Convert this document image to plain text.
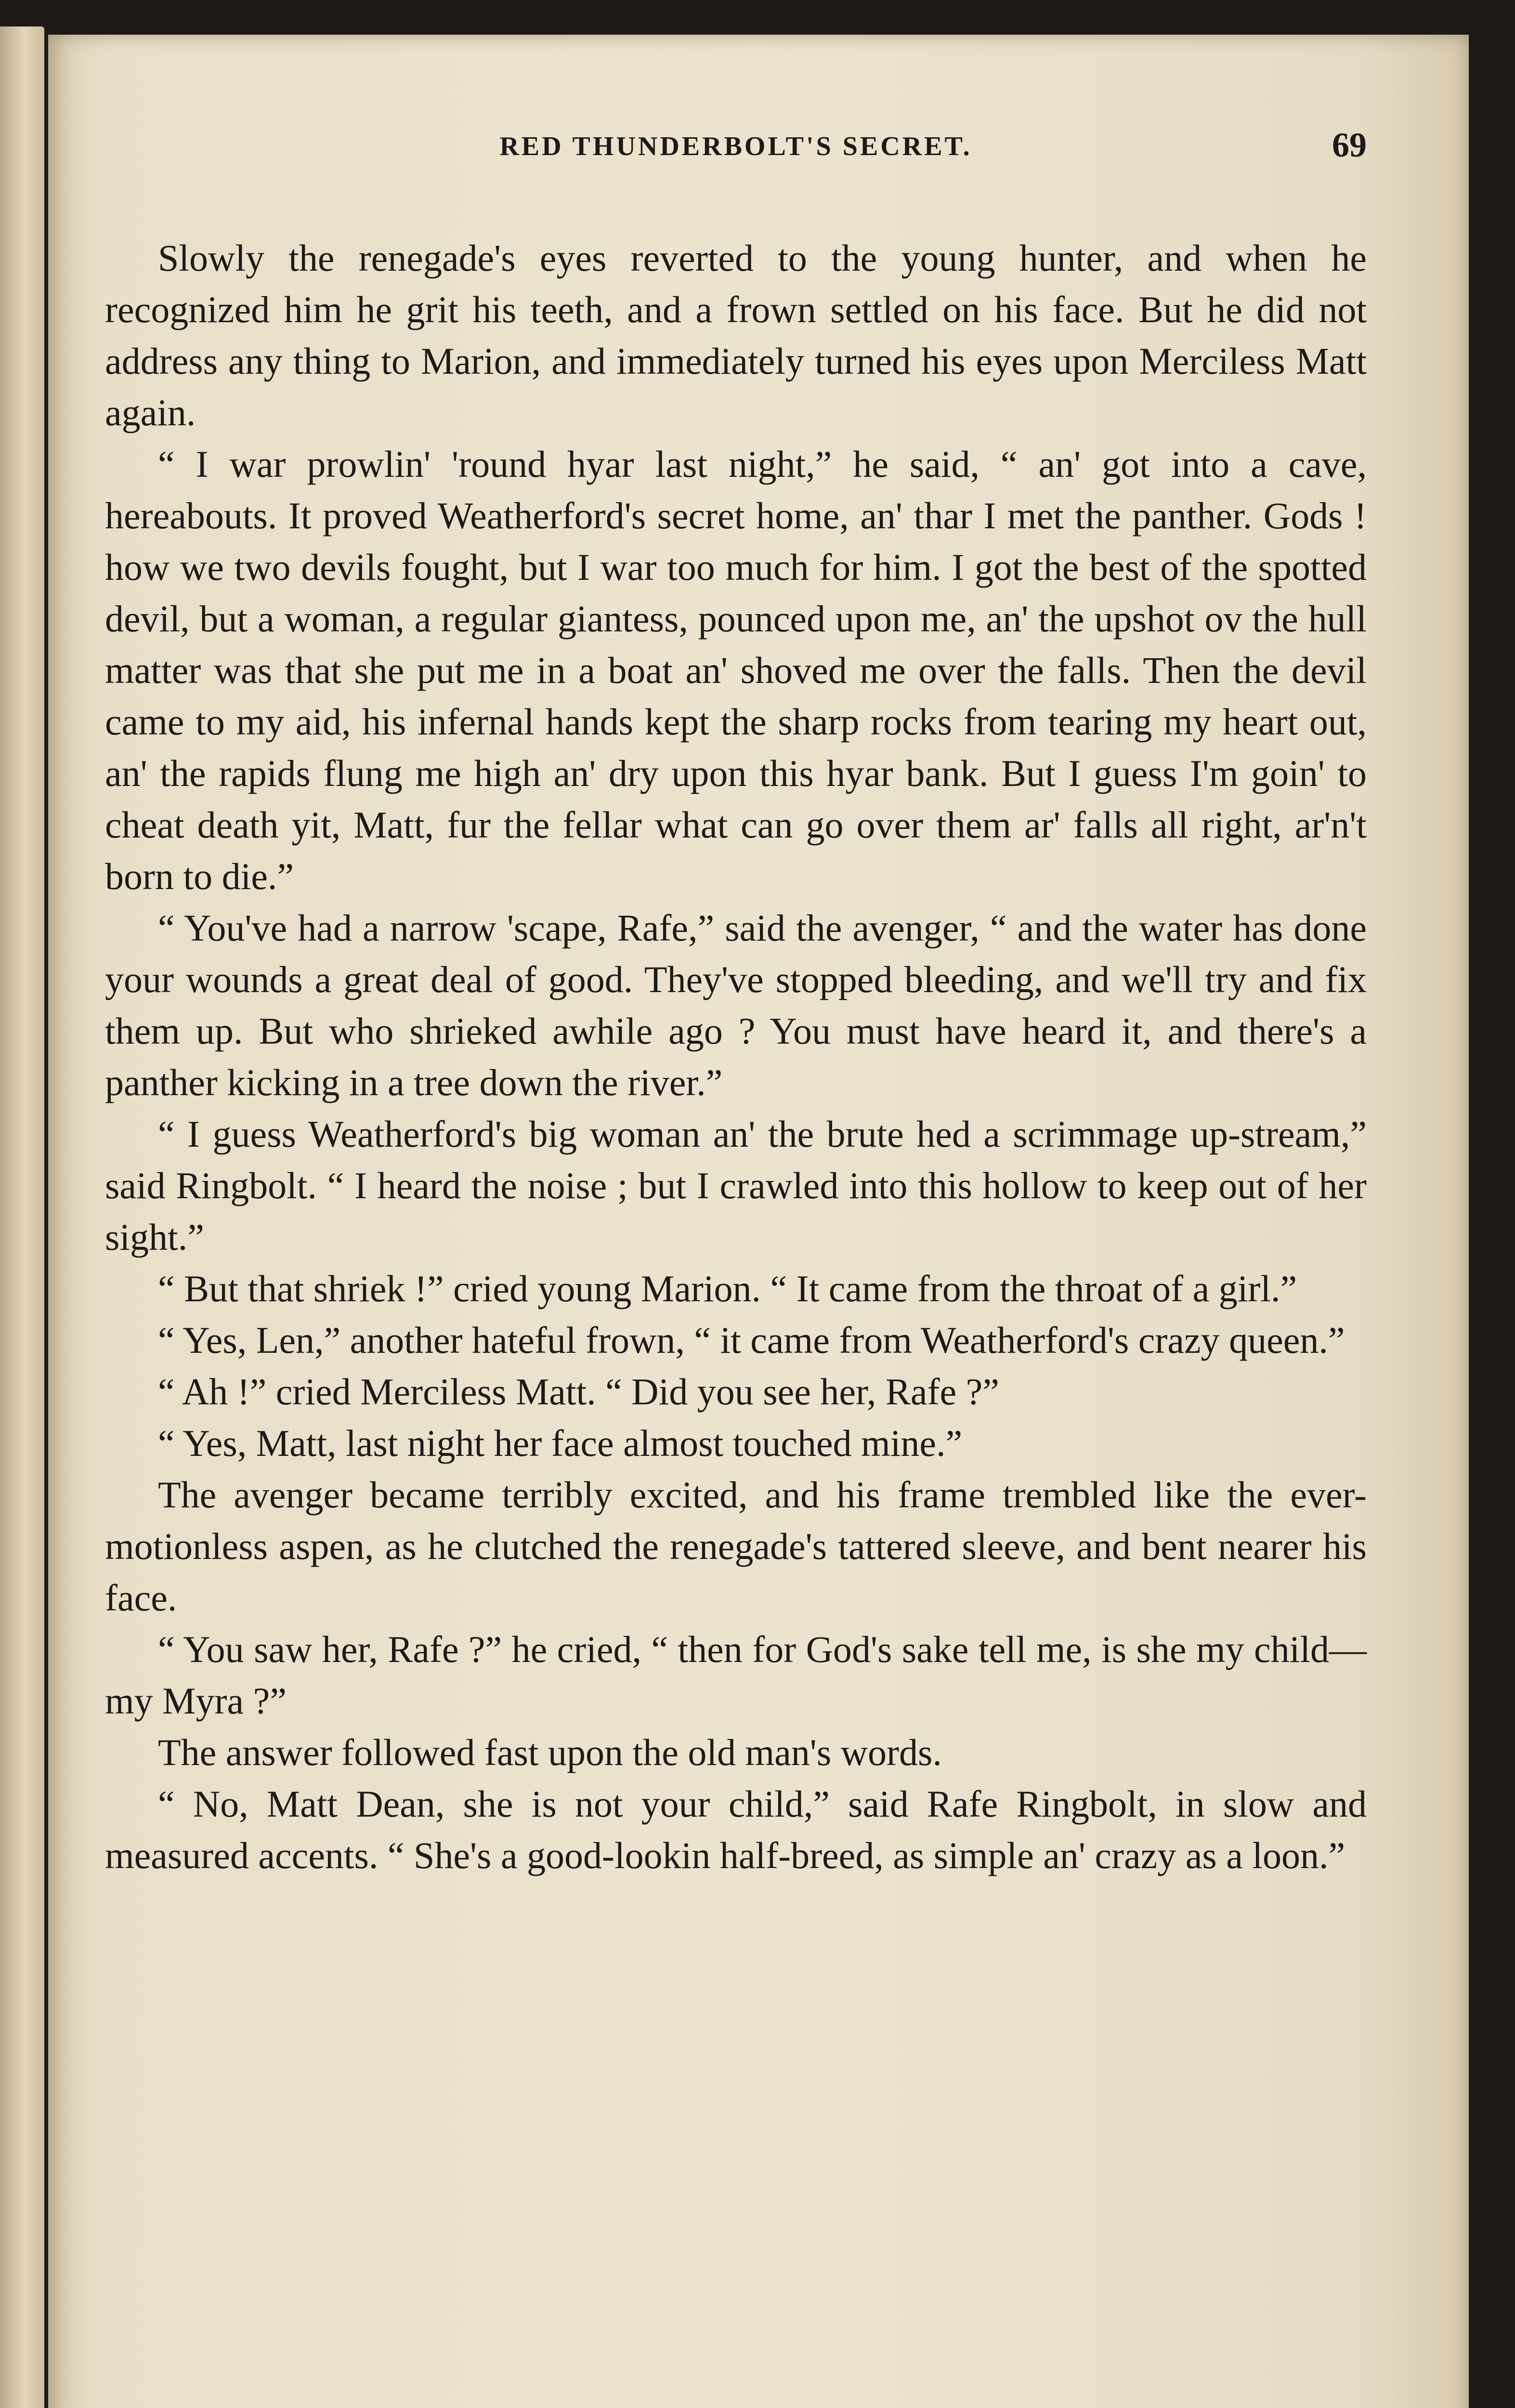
RED THUNDERBOLT'S SECRET.	69

Slowly the renegade's eyes reverted to the young hunter, and when he recognized him he grit his teeth, and a frown settled on his face. But he did not address any thing to Marion, and immediately turned his eyes upon Merciless Matt again.

“ I war prowlin' 'round hyar last night,” he said, “ an' got into a cave, hereabouts. It proved Weatherford's secret home, an' thar I met the panther. Gods ! how we two devils fought, but I war too much for him. I got the best of the spotted devil, but a woman, a regular giantess, pounced upon me, an' the upshot ov the hull matter was that she put me in a boat an' shoved me over the falls. Then the devil came to my aid, his infernal hands kept the sharp rocks from tearing my heart out, an' the rapids flung me high an' dry upon this hyar bank. But I guess I'm goin' to cheat death yit, Matt, fur the fellar what can go over them ar' falls all right, ar'n't born to die.”

“ You've had a narrow 'scape, Rafe,” said the avenger, “ and the water has done your wounds a great deal of good. They've stopped bleeding, and we'll try and fix them up. But who shrieked awhile ago ? You must have heard it, and there's a panther kicking in a tree down the river.”

“ I guess Weatherford's big woman an' the brute hed a scrimmage up-stream,” said Ringbolt. “ I heard the noise ; but I crawled into this hollow to keep out of her sight.”

“ But that shriek !” cried young Marion. “ It came from the throat of a girl.”

“ Yes, Len,” another hateful frown, “ it came from Weatherford's crazy queen.”

“ Ah !” cried Merciless Matt. “ Did you see her, Rafe ?”

“ Yes, Matt, last night her face almost touched mine.”

The avenger became terribly excited, and his frame trembled like the ever-motionless aspen, as he clutched the renegade's tattered sleeve, and bent nearer his face.

“ You saw her, Rafe ?” he cried, “ then for God's sake tell me, is she my child—my Myra ?”

The answer followed fast upon the old man's words.

“ No, Matt Dean, she is not your child,” said Rafe Ringbolt, in slow and measured accents. “ She's a good-lookin half-breed, as simple an' crazy as a loon.”
